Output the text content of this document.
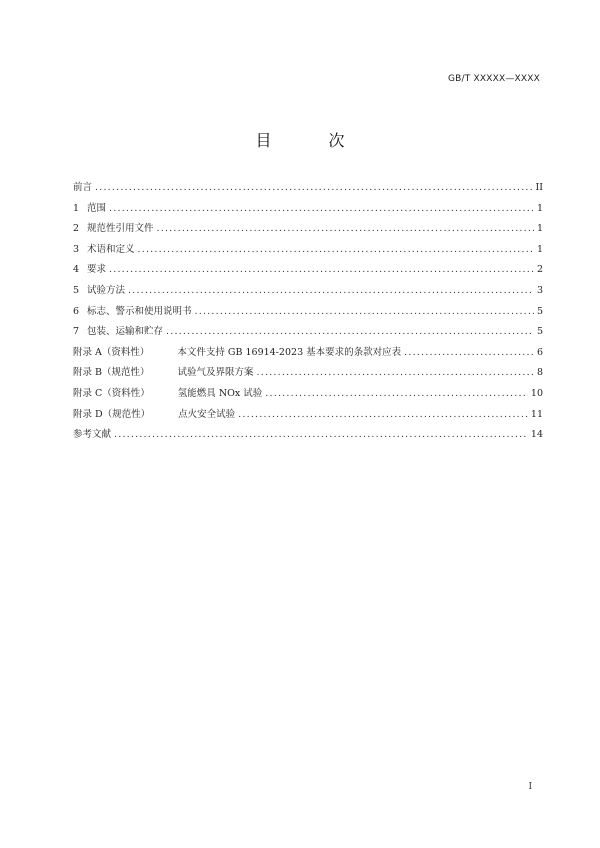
GB/T XXXXX—XXXX
目 次
前言 .....	II
1 范围 .....	1
2 规范性引用文件 .....	1
3 术语和定义 .....	1
4 要求 .....	2
5 试验方法 .....	3
6 标志、警示和使用说明书 .....	5
7 包装、运输和贮存 .....	5
附录 A（资料性）	本文件支持 GB 16914-2023 基本要求的条款对应表 .....	6
附录 B（规范性）	试验气及界限方案 .....	8
附录 C（资料性）	氢能燃具 NOx 试验 .....	10
附录 D（规范性）	点火安全试验 .....	11
参考文献 .....	14
I
